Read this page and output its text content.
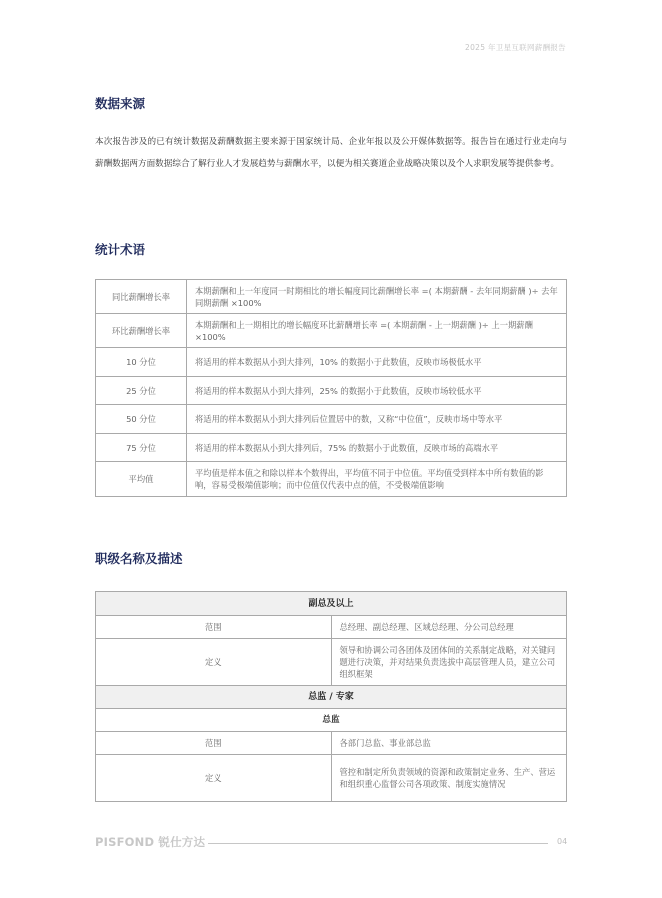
2025 年卫星互联网薪酬报告
数据来源

本次报告涉及的已有统计数据及薪酬数据主要来源于国家统计局、企业年报以及公开媒体数据等。报告旨在通过行业走向与薪酬数据两方面数据综合了解行业人才发展趋势与薪酬水平，以便为相关赛道企业战略决策以及个人求职发展等提供参考。

统计术语
同比薪酬增长率	本期薪酬和上一年度同一时期相比的增长幅度同比薪酬增长率 =( 本期薪酬 - 去年同期薪酬 )÷ 去年同期薪酬 ×100%
环比薪酬增长率	本期薪酬和上一期相比的增长幅度环比薪酬增长率 =( 本期薪酬 - 上一期薪酬 )÷ 上一期薪酬 ×100%
10 分位	将适用的样本数据从小到大排列，10% 的数据小于此数值，反映市场极低水平
25 分位	将适用的样本数据从小到大排列，25% 的数据小于此数值，反映市场较低水平
50 分位	将适用的样本数据从小到大排列后位置居中的数，又称“中位值”，反映市场中等水平
75 分位	将适用的样本数据从小到大排列后，75% 的数据小于此数值，反映市场的高端水平
平均值	平均值是样本值之和除以样本个数得出，平均值不同于中位值。平均值受到样本中所有数值的影响，容易受极端值影响；而中位值仅代表中点的值，不受极端值影响
职级名称及描述
副总及以上	
范围	总经理、副总经理、区域总经理、分公司总经理
定义	领导和协调公司各团体及团体间的关系制定战略，对关键问题进行决策，并对结果负责选拔中高层管理人员，建立公司组织框架
总监 / 专家	
总监	
范围	各部门总监、事业部总监
定义	管控和制定所负责领域的资源和政策制定业务、生产、营运和组织重心监督公司各项政策、制度实施情况
PISFOND 锐仕方达	04
